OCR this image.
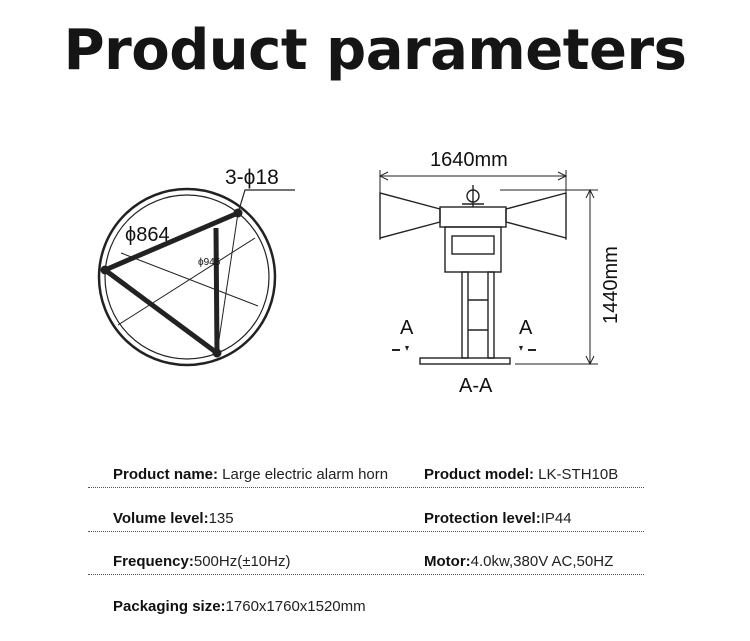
Product parameters
3-ϕ18
ϕ864
ϕ945
1640mm
1440mm
A	A
A-A
Product name: Large electric alarm horn Product model: LK-STH10B
Volume level:135	Protection level:IP44
Frequency:500Hz(±10Hz)	Motor:4.0kw,380V AC,50HZ
Packaging size:1760x1760x1520mm
